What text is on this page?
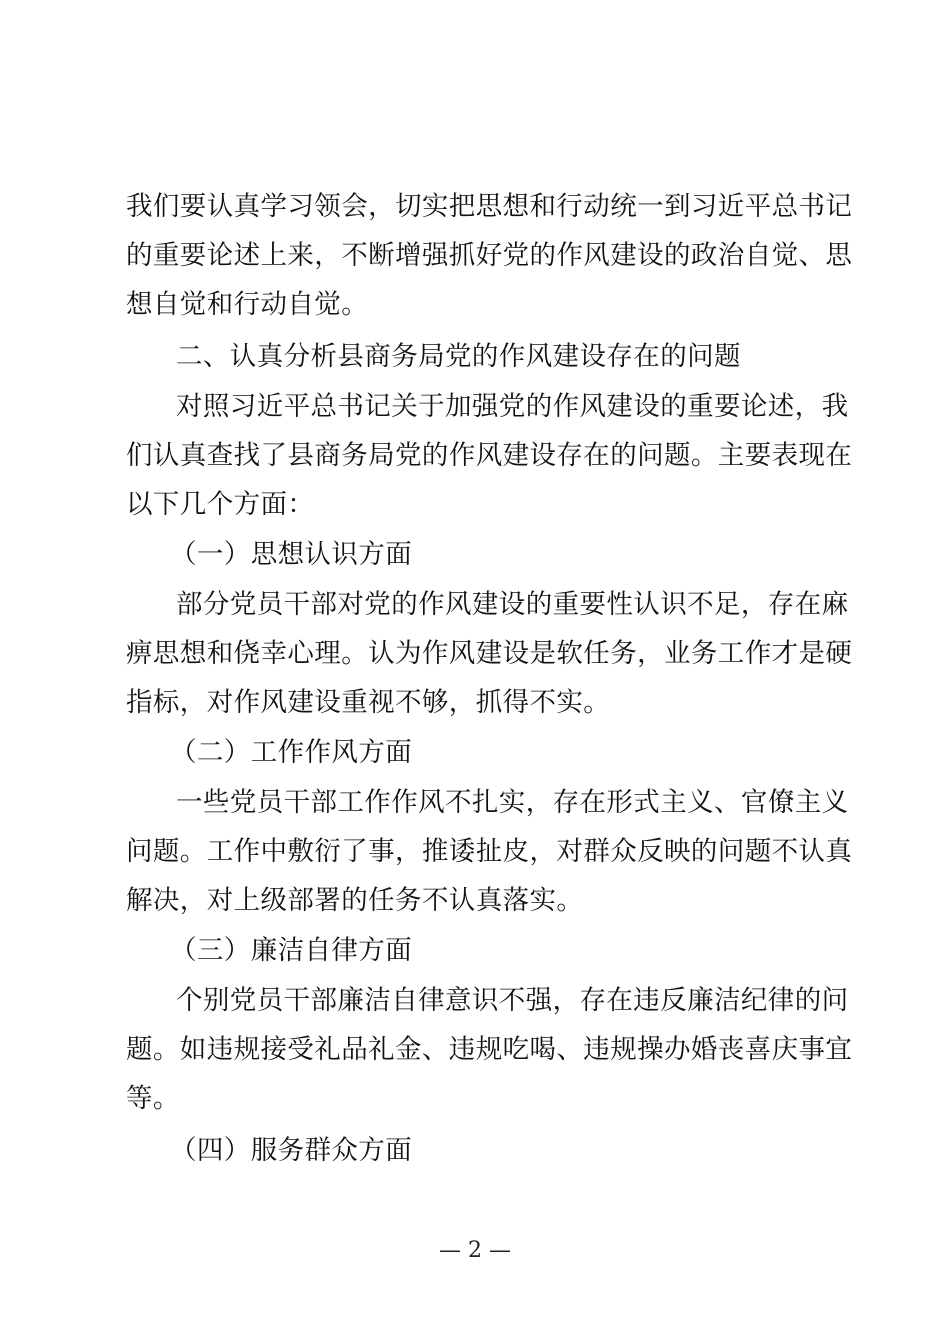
我们要认真学习领会，切实把思想和行动统一到习近平总书记
的重要论述上来，不断增强抓好党的作风建设的政治自觉、思
想自觉和行动自觉。
二、认真分析县商务局党的作风建设存在的问题
对照习近平总书记关于加强党的作风建设的重要论述，我
们认真查找了县商务局党的作风建设存在的问题。主要表现在
以下几个方面：
（一）思想认识方面
部分党员干部对党的作风建设的重要性认识不足，存在麻
痹思想和侥幸心理。认为作风建设是软任务，业务工作才是硬
指标，对作风建设重视不够，抓得不实。
（二）工作作风方面
一些党员干部工作作风不扎实，存在形式主义、官僚主义
问题。工作中敷衍了事，推诿扯皮，对群众反映的问题不认真
解决，对上级部署的任务不认真落实。
（三）廉洁自律方面
个别党员干部廉洁自律意识不强，存在违反廉洁纪律的问
题。如违规接受礼品礼金、违规吃喝、违规操办婚丧喜庆事宜
等。
（四）服务群众方面
— 2 —
